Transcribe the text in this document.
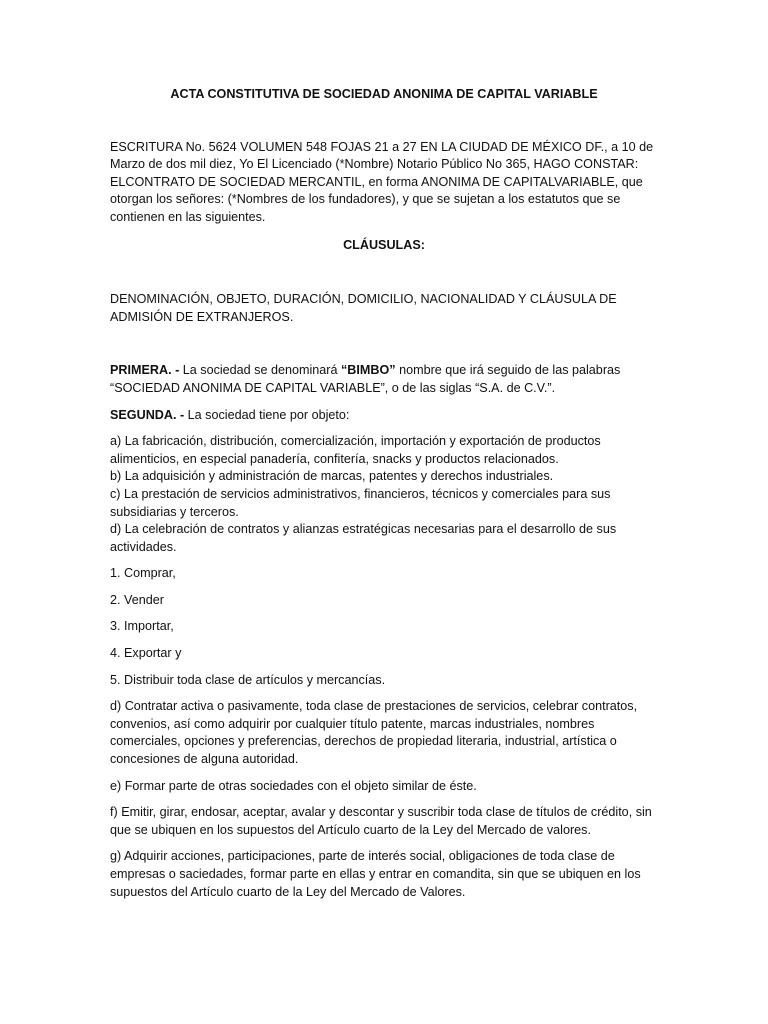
ACTA CONSTITUTIVA DE SOCIEDAD ANONIMA DE CAPITAL VARIABLE

ESCRITURA No. 5624 VOLUMEN 548 FOJAS 21 a 27 EN LA CIUDAD DE MÉXICO DF., a 10 de Marzo de dos mil diez, Yo El Licenciado (*Nombre) Notario Público No 365, HAGO CONSTAR: ELCONTRATO DE SOCIEDAD MERCANTIL, en forma ANONIMA DE CAPITALVARIABLE, que otorgan los señores: (*Nombres de los fundadores), y que se sujetan a los estatutos que se contienen en las siguientes.

CLÁUSULAS:

DENOMINACIÓN, OBJETO, DURACIÓN, DOMICILIO, NACIONALIDAD Y CLÁUSULA DE ADMISIÓN DE EXTRANJEROS.

PRIMERA. - La sociedad se denominará “BIMBO” nombre que irá seguido de las palabras “SOCIEDAD ANONIMA DE CAPITAL VARIABLE”, o de las siglas “S.A. de C.V.”.

SEGUNDA. - La sociedad tiene por objeto:

a) La fabricación, distribución, comercialización, importación y exportación de productos alimenticios, en especial panadería, confitería, snacks y productos relacionados.

b) La adquisición y administración de marcas, patentes y derechos industriales.

c) La prestación de servicios administrativos, financieros, técnicos y comerciales para sus subsidiarias y terceros.

d) La celebración de contratos y alianzas estratégicas necesarias para el desarrollo de sus actividades.

1. Comprar,

2. Vender

3. Importar,

4. Exportar y

5. Distribuir toda clase de artículos y mercancías.

d) Contratar activa o pasivamente, toda clase de prestaciones de servicios, celebrar contratos, convenios, así como adquirir por cualquier título patente, marcas industriales, nombres comerciales, opciones y preferencias, derechos de propiedad literaria, industrial, artística o concesiones de alguna autoridad.

e) Formar parte de otras sociedades con el objeto similar de éste.

f) Emitir, girar, endosar, aceptar, avalar y descontar y suscribir toda clase de títulos de crédito, sin que se ubiquen en los supuestos del Artículo cuarto de la Ley del Mercado de valores.

g) Adquirir acciones, participaciones, parte de interés social, obligaciones de toda clase de empresas o saciedades, formar parte en ellas y entrar en comandita, sin que se ubiquen en los supuestos del Artículo cuarto de la Ley del Mercado de Valores.
